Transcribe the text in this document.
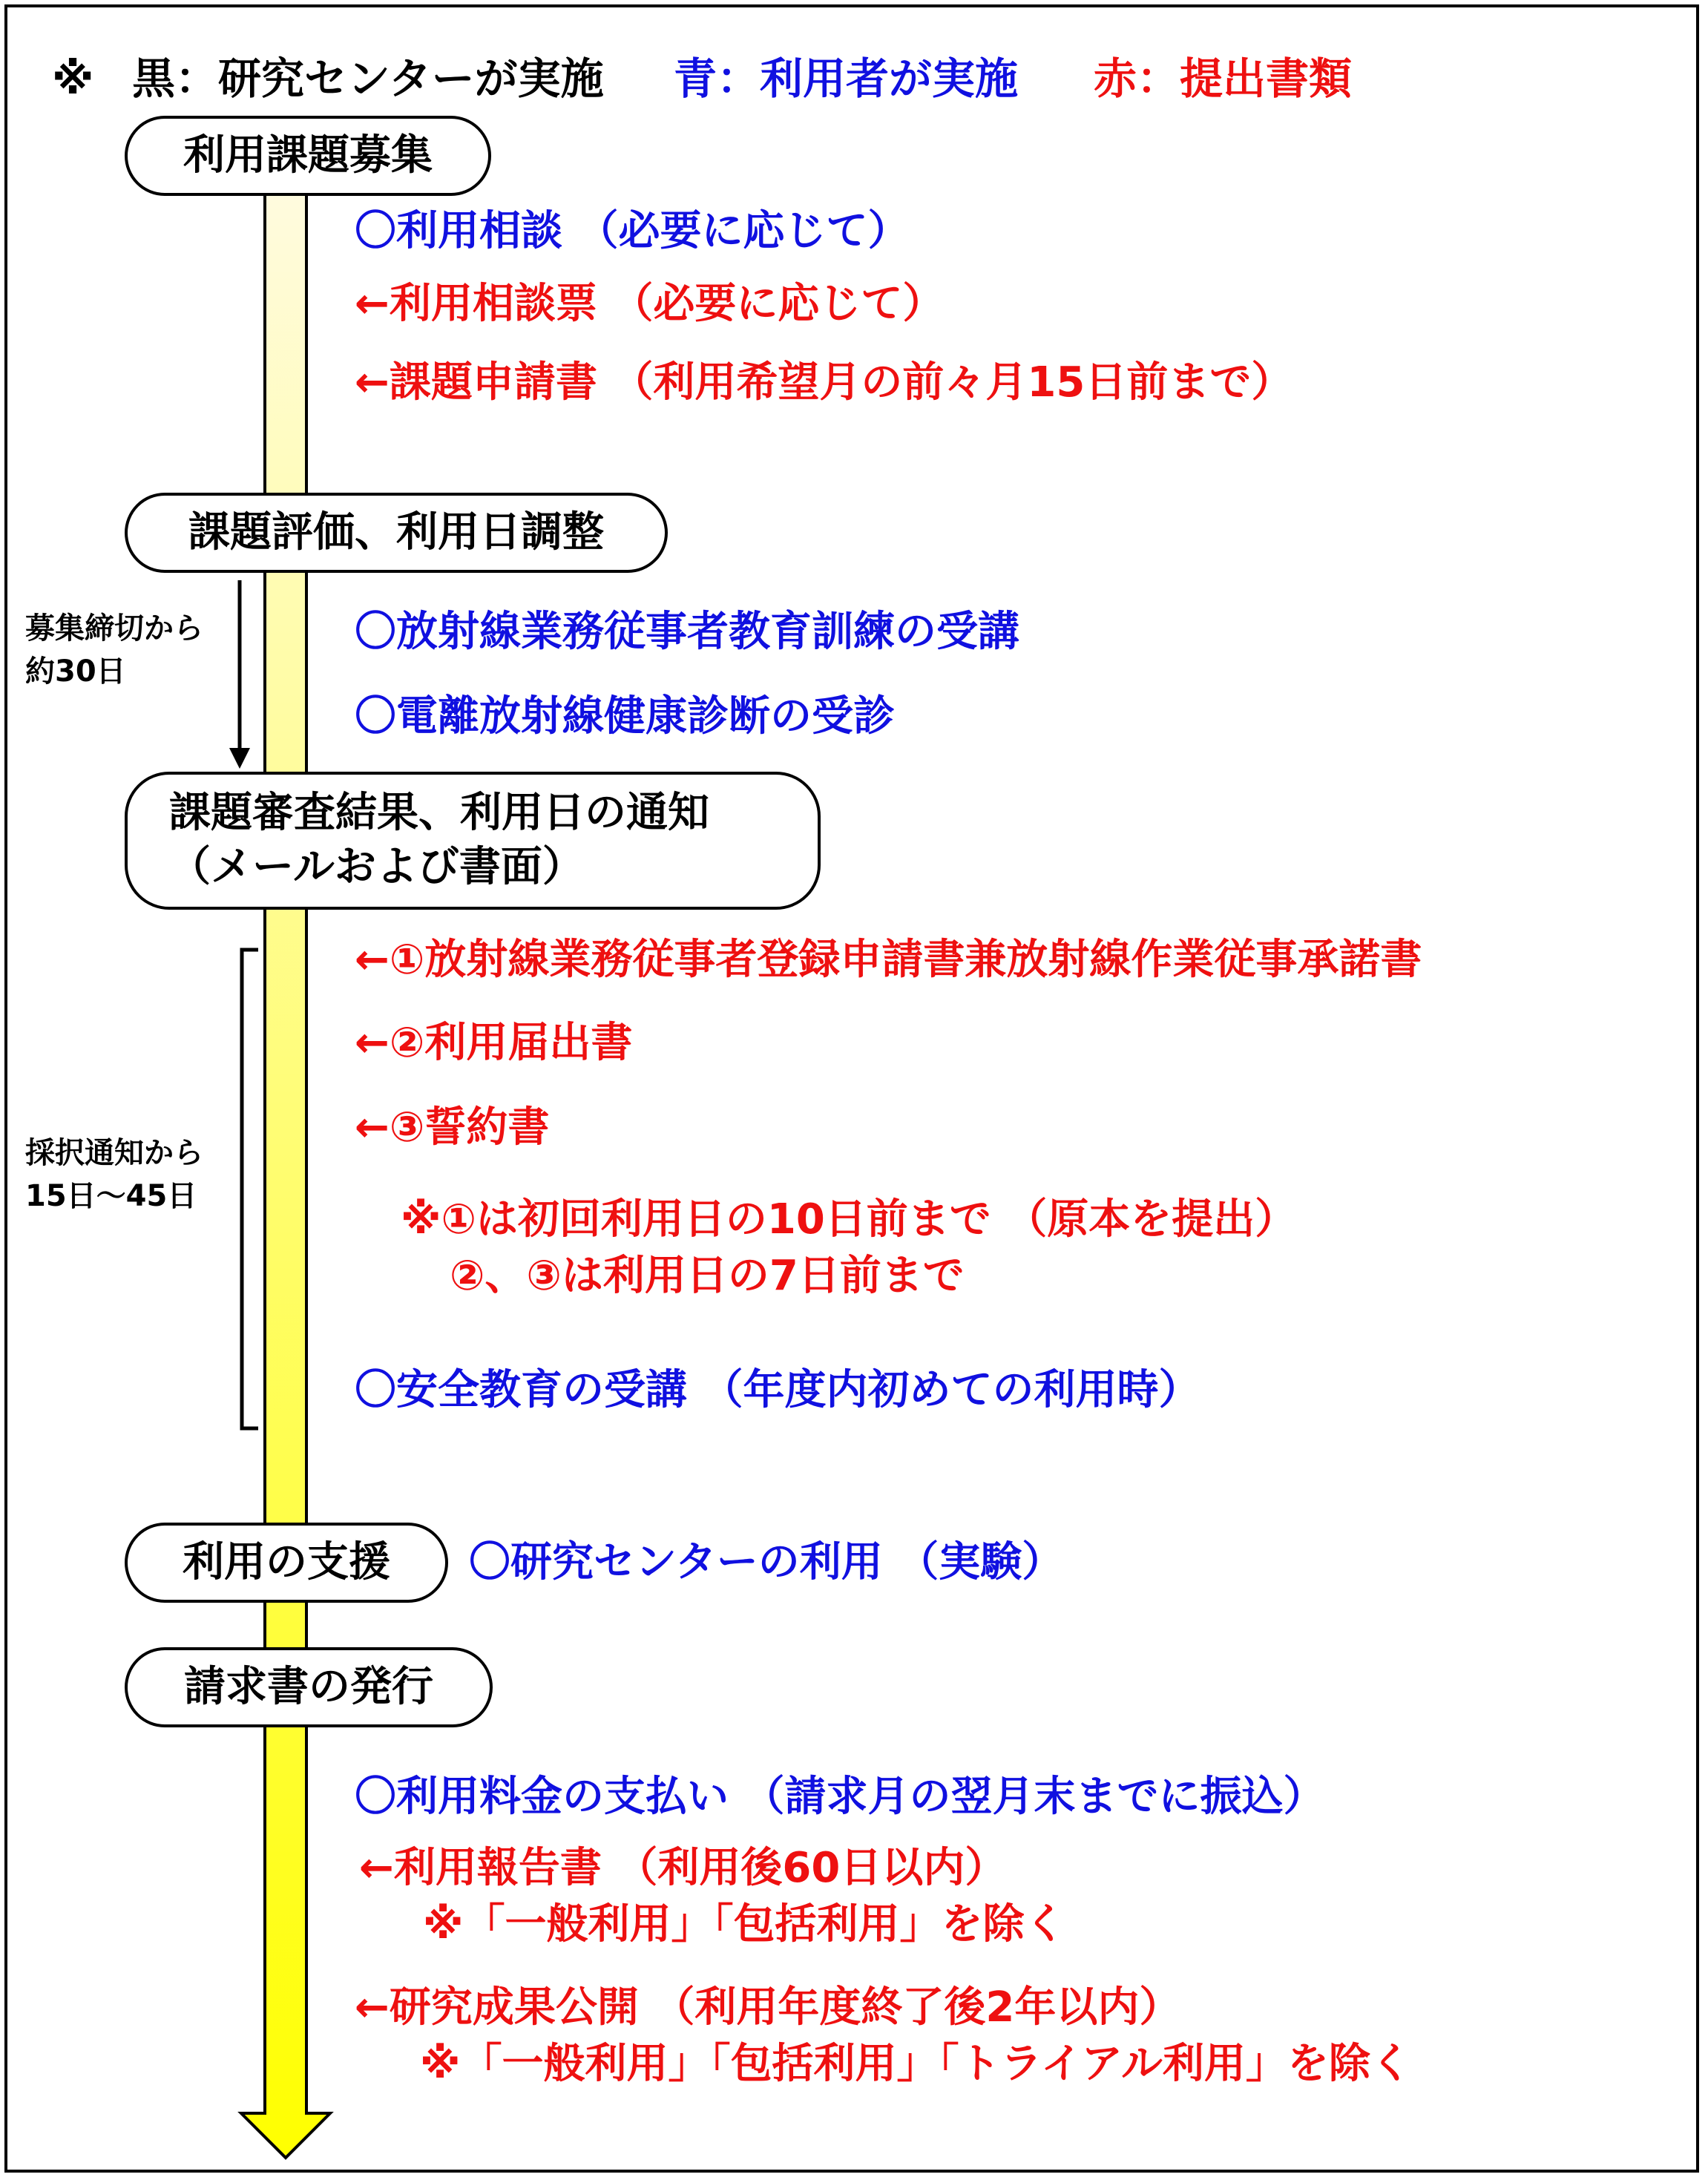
※ 黒：研究センターが実施 青：利用者が実施 赤：提出書類
利用課題募集
課題評価、利用日調整
課題審査結果、利用日の通知
（メールおよび書面）
利用の支援
請求書の発行
募集締切から
約30日
採択通知から
15日～45日
〇利用相談 （必要に応じて）
←利用相談票 （必要に応じて）
←課題申請書 （利用希望月の前々月15日前まで）
〇放射線業務従事者教育訓練の受講
〇電離放射線健康診断の受診
←①放射線業務従事者登録申請書兼放射線作業従事承諾書
←②利用届出書
←③誓約書
※①は初回利用日の10日前まで （原本を提出）
②、③は利用日の7日前まで
〇安全教育の受講 （年度内初めての利用時）
〇研究センターの利用 （実験）
〇利用料金の支払い （請求月の翌月末までに振込）
←利用報告書 （利用後60日以内）
※「一般利用」「包括利用」を除く
←研究成果公開 （利用年度終了後2年以内）
※「一般利用」「包括利用」「トライアル利用」を除く
